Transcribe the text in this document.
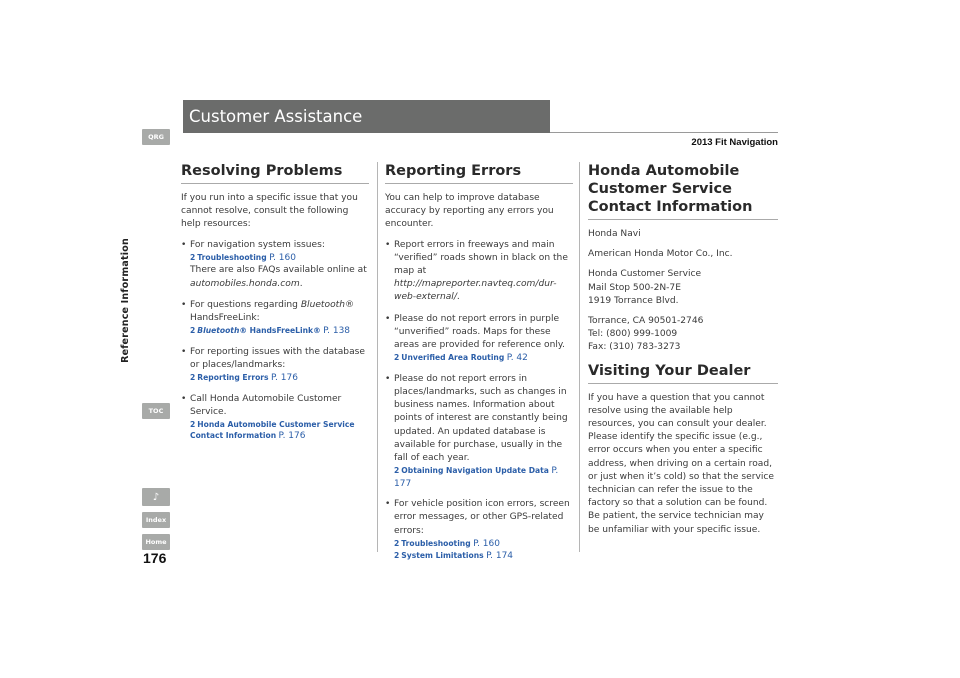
QRG
Reference Information
TOC
♪
Index
Home
176
Customer Assistance
2013 Fit Navigation
Resolving Problems

If you run into a specific issue that you cannot resolve, consult the following help resources:

• For navigation system issues:
2 Troubleshooting P. 160
There are also FAQs available online at automobiles.honda.com.
• For questions regarding Bluetooth® HandsFreeLink:
2 Bluetooth® HandsFreeLink® P. 138
• For reporting issues with the database or places/landmarks:
2 Reporting Errors P. 176
• Call Honda Automobile Customer Service.
2 Honda Automobile Customer Service Contact Information P. 176
Reporting Errors

You can help to improve database accuracy by reporting any errors you encounter.

• Report errors in freeways and main “verified” roads shown in black on the map at http://mapreporter.navteq.com/dur-web-external/.
• Please do not report errors in purple “unverified” roads. Maps for these areas are provided for reference only.
2 Unverified Area Routing P. 42
• Please do not report errors in places/landmarks, such as changes in business names. Information about points of interest are constantly being updated. An updated database is available for purchase, usually in the fall of each year.
2 Obtaining Navigation Update Data P. 177
• For vehicle position icon errors, screen error messages, or other GPS-related errors:
2 Troubleshooting P. 160
2 System Limitations P. 174
Honda Automobile Customer Service Contact Information

Honda Navi

American Honda Motor Co., Inc.

Honda Customer Service
Mail Stop 500-2N-7E
1919 Torrance Blvd.

Torrance, CA 90501-2746
Tel: (800) 999-1009
Fax: (310) 783-3273

Visiting Your Dealer

If you have a question that you cannot resolve using the available help resources, you can consult your dealer. Please identify the specific issue (e.g., error occurs when you enter a specific address, when driving on a certain road, or just when it’s cold) so that the service technician can refer the issue to the factory so that a solution can be found. Be patient, the service technician may be unfamiliar with your specific issue.
